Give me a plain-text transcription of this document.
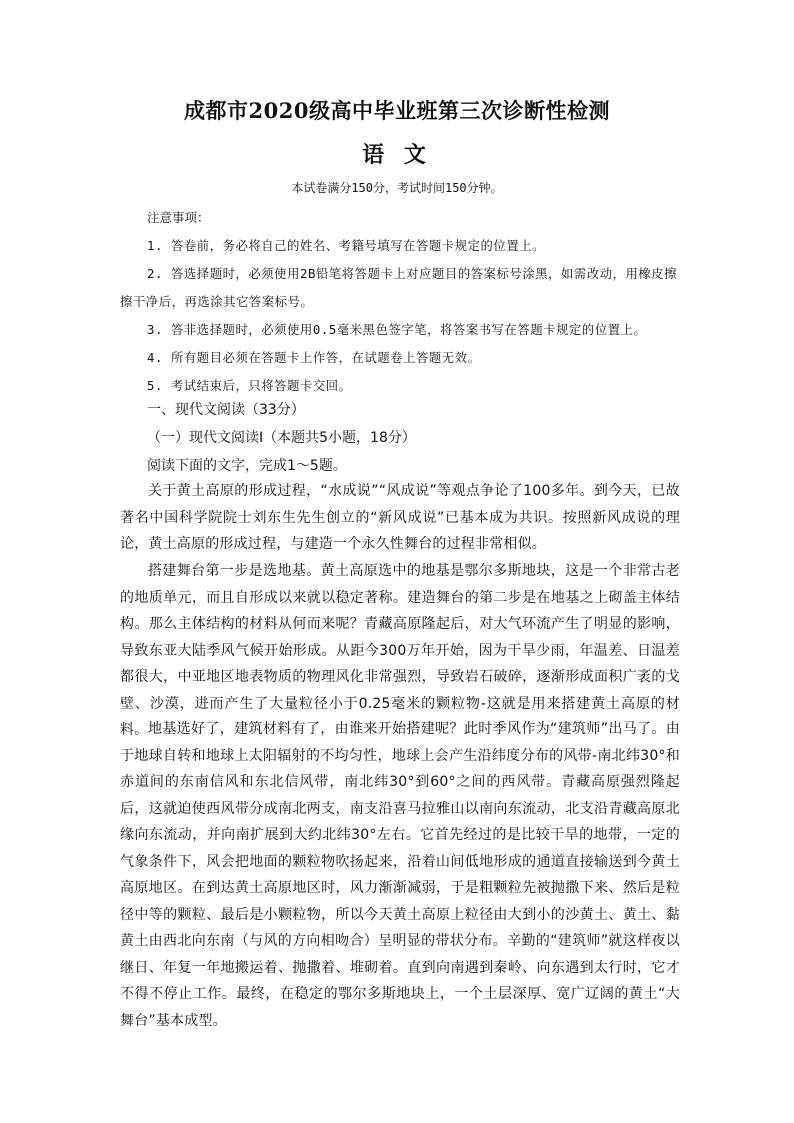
成都市2020级高中毕业班第三次诊断性检测
语 文
本试卷满分150分，考试时间150分钟。
注意事项：
1. 答卷前，务必将自己的姓名、考籍号填写在答题卡规定的位置上。
2. 答选择题时，必须使用2B铅笔将答题卡上对应题目的答案标号涂黑，如需改动，用橡皮擦擦干净后，再选涂其它答案标号。
3. 答非选择题时，必须使用0.5毫米黑色签字笔，将答案书写在答题卡规定的位置上。
4. 所有题目必须在答题卡上作答，在试题卷上答题无效。
5. 考试结束后，只将答题卡交回。
一、现代文阅读（33分）
（一）现代文阅读I（本题共5小题，18分）
阅读下面的文字，完成1～5题。

关于黄土高原的形成过程，“水成说”“风成说”等观点争论了100多年。到今天，已故著名中国科学院院士刘东生先生创立的“新风成说”已基本成为共识。按照新风成说的理论，黄土高原的形成过程，与建造一个永久性舞台的过程非常相似。

搭建舞台第一步是选地基。黄土高原选中的地基是鄂尔多斯地块，这是一个非常古老的地质单元，而且自形成以来就以稳定著称。建造舞台的第二步是在地基之上砌盖主体结构。那么主体结构的材料从何而来呢？青藏高原隆起后，对大气环流产生了明显的影响，导致东亚大陆季风气候开始形成。从距今300万年开始，因为干旱少雨，年温差、日温差都很大，中亚地区地表物质的物理风化非常强烈，导致岩石破碎，逐渐形成面积广袤的戈壁、沙漠，进而产生了大量粒径小于0.25毫米的颗粒物-这就是用来搭建黄土高原的材料。 地基选好了，建筑材料有了，由谁来开始搭建呢？此时季风作为“建筑师”出马了。由于地球自转和地球上太阳辐射的不均匀性，地球上会产生沿纬度分布的风带-南北纬30°和赤道间的东南信风和东北信风带，南北纬30°到60°之间的西风带。青藏高原强烈隆起后，这就迫使西风带分成南北两支，南支沿喜马拉雅山以南向东流动，北支沿青藏高原北缘向东流动，并向南扩展到大约北纬30°左右。它首先经过的是比较干旱的地带，一定的气象条件下，风会把地面的颗粒物吹扬起来，沿着山间低地形成的通道直接输送到今黄土高原地区。在到达黄土高原地区时，风力渐渐减弱，于是粗颗粒先被抛撒下来、然后是粒径中等的颗粒、最后是小颗粒物，所以今天黄土高原上粒径由大到小的沙黄土、黄土、黏黄土由西北向东南（与风的方向相吻合）呈明显的带状分布。辛勤的“建筑师”就这样夜以继日、年复一年地搬运着、抛撒着、堆砌着。直到向南遇到秦岭、向东遇到太行时，它才不得不停止工作。最终，在稳定的鄂尔多斯地块上，一个土层深厚、宽广辽阔的黄土“大舞台”基本成型。
